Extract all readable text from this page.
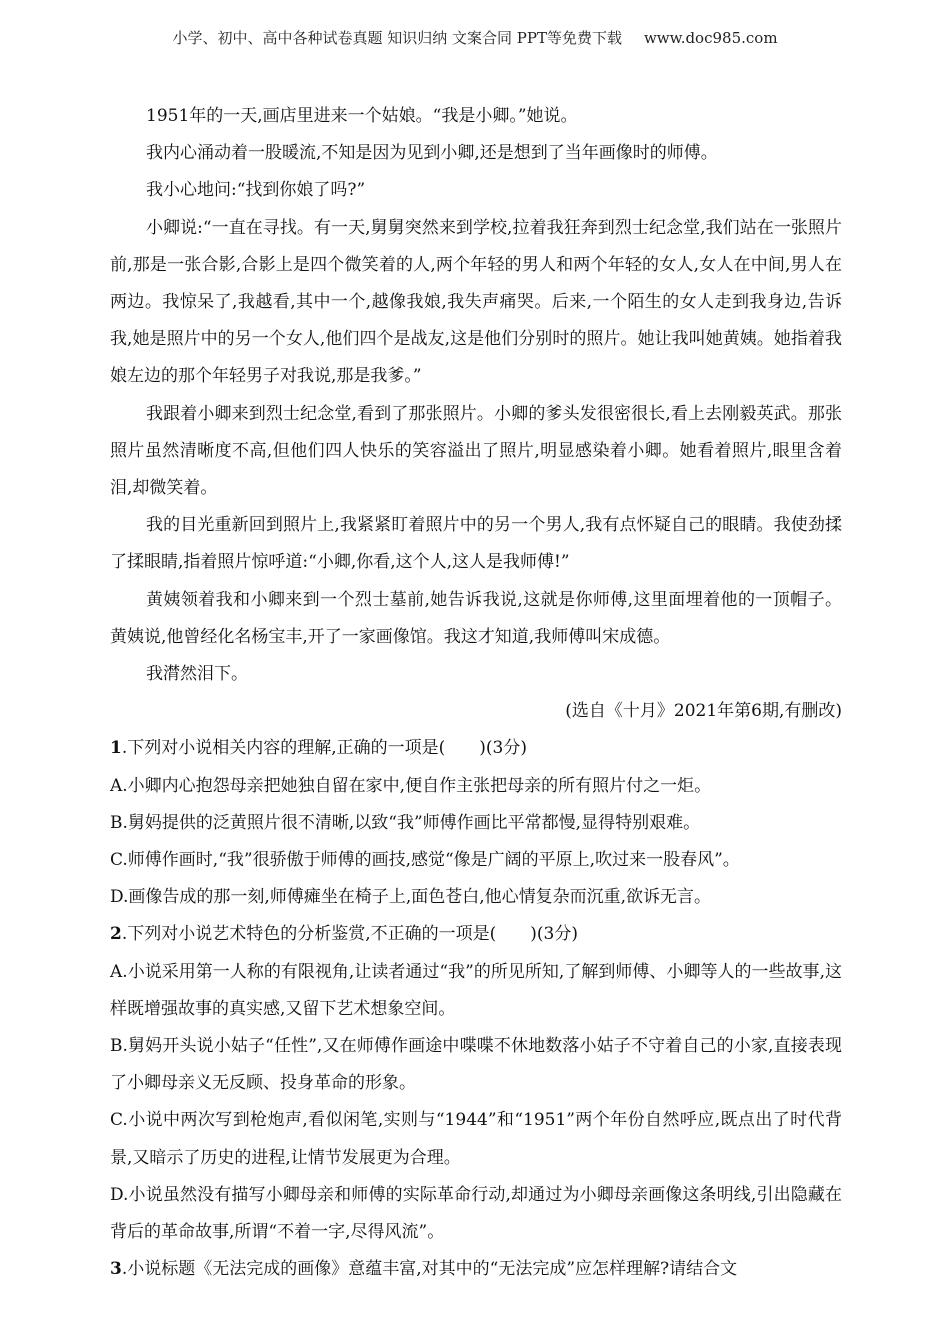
小学、初中、高中各种试卷真题 知识归纳 文案合同 PPT等免费下载 www.doc985.com

1951年的一天,画店里进来一个姑娘。“我是小卿。”她说。

我内心涌动着一股暖流,不知是因为见到小卿,还是想到了当年画像时的师傅。

我小心地问:“找到你娘了吗?”

小卿说:“一直在寻找。有一天,舅舅突然来到学校,拉着我狂奔到烈士纪念堂,我们站在一张照片前,那是一张合影,合影上是四个微笑着的人,两个年轻的男人和两个年轻的女人,女人在中间,男人在两边。我惊呆了,我越看,其中一个,越像我娘,我失声痛哭。后来,一个陌生的女人走到我身边,告诉我,她是照片中的另一个女人,他们四个是战友,这是他们分别时的照片。她让我叫她黄姨。她指着我娘左边的那个年轻男子对我说,那是我爹。”

我跟着小卿来到烈士纪念堂,看到了那张照片。小卿的爹头发很密很长,看上去刚毅英武。那张照片虽然清晰度不高,但他们四人快乐的笑容溢出了照片,明显感染着小卿。她看着照片,眼里含着泪,却微笑着。

我的目光重新回到照片上,我紧紧盯着照片中的另一个男人,我有点怀疑自己的眼睛。我使劲揉了揉眼睛,指着照片惊呼道:“小卿,你看,这个人,这人是我师傅!”

黄姨领着我和小卿来到一个烈士墓前,她告诉我说,这就是你师傅,这里面埋着他的一顶帽子。黄姨说,他曾经化名杨宝丰,开了一家画像馆。我这才知道,我师傅叫宋成德。

我潸然泪下。

(选自《十月》2021年第6期,有删改)

1.下列对小说相关内容的理解,正确的一项是(　　)(3分)

A.小卿内心抱怨母亲把她独自留在家中,便自作主张把母亲的所有照片付之一炬。

B.舅妈提供的泛黄照片很不清晰,以致“我”师傅作画比平常都慢,显得特别艰难。

C.师傅作画时,“我”很骄傲于师傅的画技,感觉“像是广阔的平原上,吹过来一股春风”。

D.画像告成的那一刻,师傅瘫坐在椅子上,面色苍白,他心情复杂而沉重,欲诉无言。

2.下列对小说艺术特色的分析鉴赏,不正确的一项是(　　)(3分)

A.小说采用第一人称的有限视角,让读者通过“我”的所见所知,了解到师傅、小卿等人的一些故事,这样既增强故事的真实感,又留下艺术想象空间。

B.舅妈开头说小姑子“任性”,又在师傅作画途中喋喋不休地数落小姑子不守着自己的小家,直接表现了小卿母亲义无反顾、投身革命的形象。

C.小说中两次写到枪炮声,看似闲笔,实则与“1944”和“1951”两个年份自然呼应,既点出了时代背景,又暗示了历史的进程,让情节发展更为合理。

D.小说虽然没有描写小卿母亲和师傅的实际革命行动,却通过为小卿母亲画像这条明线,引出隐藏在背后的革命故事,所谓“不着一字,尽得风流”。

3.小说标题《无法完成的画像》意蕴丰富,对其中的“无法完成”应怎样理解?请结合文
